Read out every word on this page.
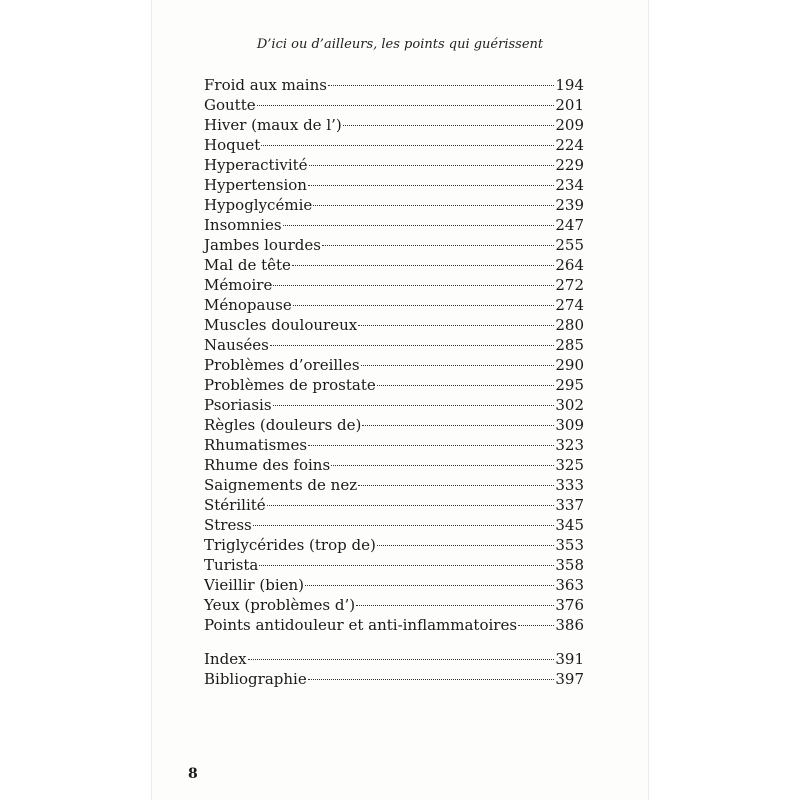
D’ici ou d’ailleurs, les points qui guérissent
Froid aux mains	194
Goutte	201
Hiver (maux de l’)	209
Hoquet	224
Hyperactivité	229
Hypertension	234
Hypoglycémie	239
Insomnies	247
Jambes lourdes	255
Mal de tête	264
Mémoire	272
Ménopause	274
Muscles douloureux	280
Nausées	285
Problèmes d’oreilles	290
Problèmes de prostate	295
Psoriasis	302
Règles (douleurs de)	309
Rhumatismes	323
Rhume des foins	325
Saignements de nez	333
Stérilité	337
Stress	345
Triglycérides (trop de)	353
Turista	358
Vieillir (bien)	363
Yeux (problèmes d’)	376
Points antidouleur et anti-inflammatoires	386
Index	391
Bibliographie	397
8
